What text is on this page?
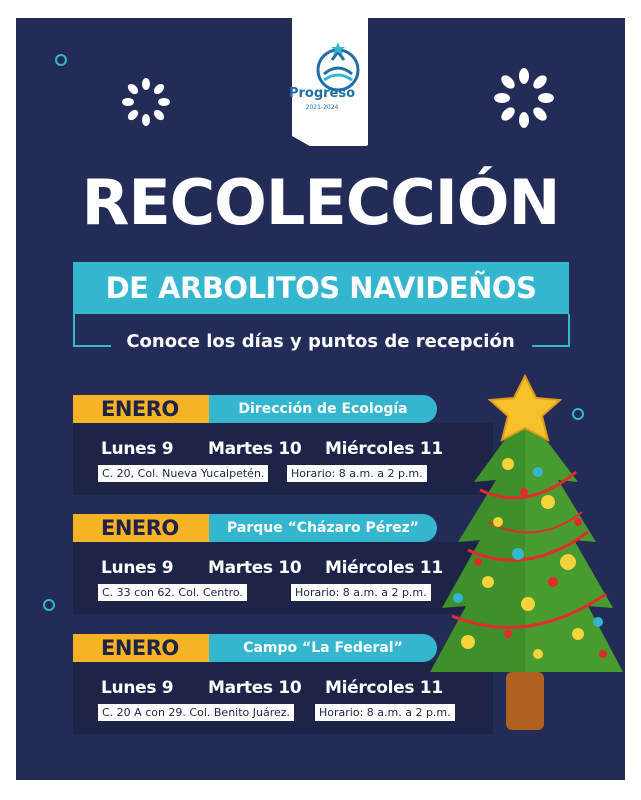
Progreso
2021-2024
RECOLECCIÓN
DE ARBOLITOS NAVIDEÑOS
Conoce los días y puntos de recepción
ENERO	Dirección de Ecología
Lunes 9 Martes 10 Miércoles 11
C. 20, Col. Nueva Yucalpetén.	Horario: 8 a.m. a 2 p.m.
ENERO	Parque “Cházaro Pérez”
Lunes 9 Martes 10 Miércoles 11
C. 33 con 62. Col. Centro.	Horario: 8 a.m. a 2 p.m.
ENERO	Campo “La Federal”
Lunes 9 Martes 10 Miércoles 11
C. 20 A con 29. Col. Benito Juárez.	Horario: 8 a.m. a 2 p.m.
